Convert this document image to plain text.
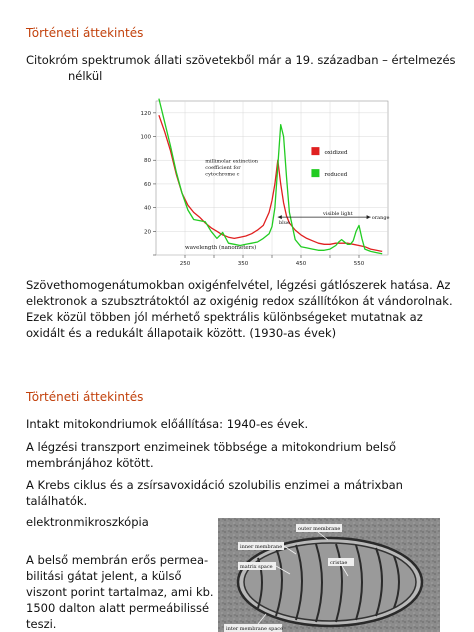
Történeti áttekintés
Citokróm spektrumok állati szövetekből már a 19. században – értelmezés
nélkül
20
40
60
80
100
120
250	350	450	550
wavelength (nanometers)
millimolar extinction
coefficient for
cytochrome c
oxidized
reduced
blue
visible light
orange
Szövethomogenátumokban oxigénfelvétel, légzési gátlószerek hatása. Az
elektronok a szubsztrátoktól az oxigénig redox szállítókon át vándorolnak.
Ezek közül többen jól mérhető spektrális különbségeket mutatnak az
oxidált és a redukált állapotaik között. (1930-as évek)
Történeti áttekintés
Intakt mitokondriumok előállítása: 1940-es évek.
A légzési transzport enzimeinek többsége a mitokondrium belső
membránjához kötött.
A Krebs ciklus és a zsírsavoxidáció szolubilis enzimei a mátrixban
találhatók.
elektronmikroszkópia
A belső membrán erős permea-
bilitási gátat jelent, a külső
viszont porint tartalmaz, ami kb.
1500 dalton alatt permeábilissé
teszi.
outer membrane
inner membrane
matrix space
cristae
inter membrane space
